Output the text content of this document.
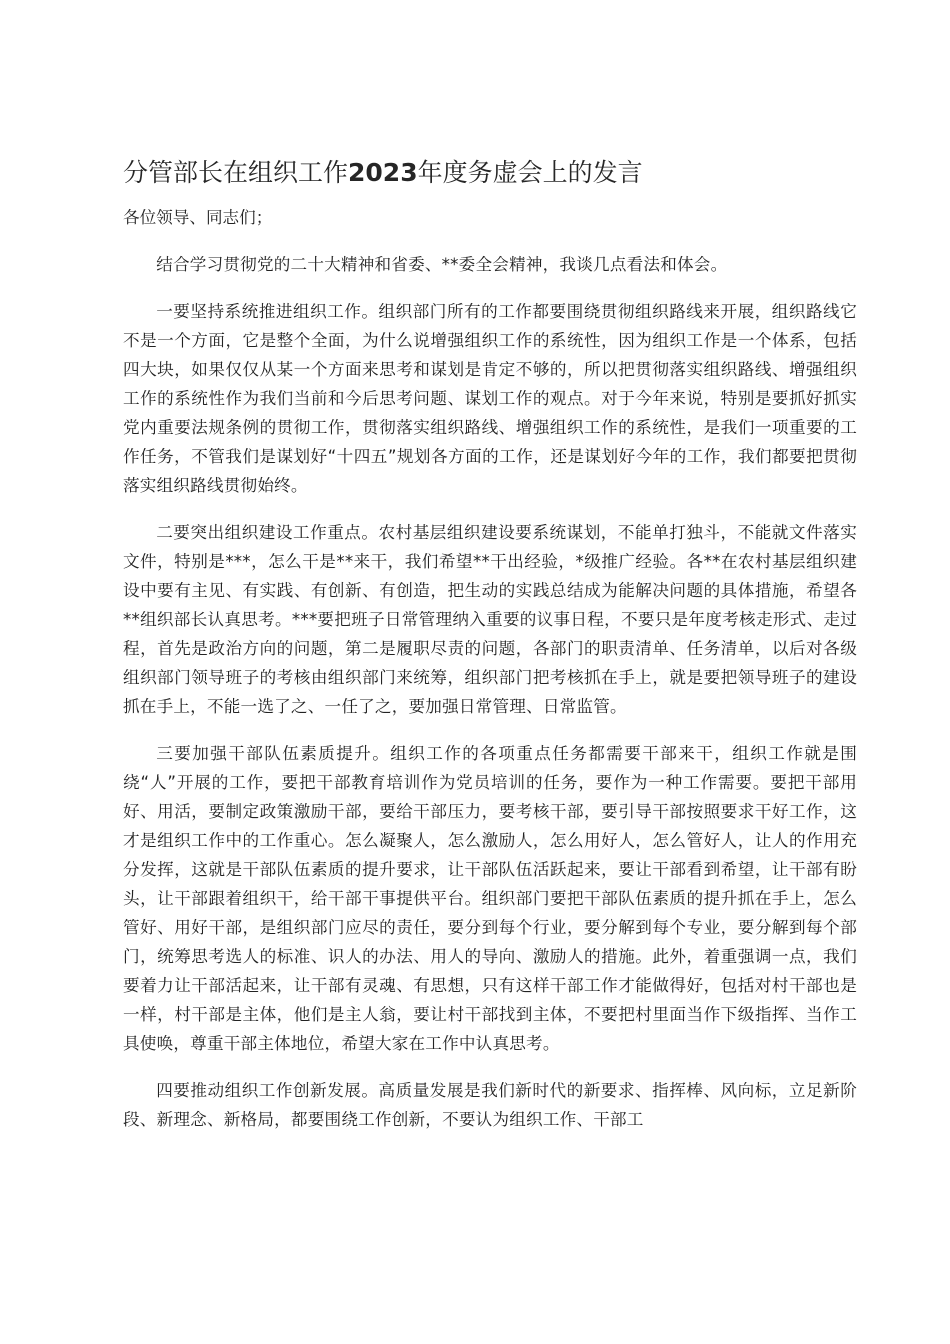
分管部长在组织工作2023年度务虚会上的发言
各位领导、同志们；

结合学习贯彻党的二十大精神和省委、**委全会精神，我谈几点看法和体会。

一要坚持系统推进组织工作。组织部门所有的工作都要围绕贯彻组织路线来开展，组织路线它不是一个方面，它是整个全面，为什么说增强组织工作的系统性，因为组织工作是一个体系，包括四大块，如果仅仅从某一个方面来思考和谋划是肯定不够的，所以把贯彻落实组织路线、增强组织工作的系统性作为我们当前和今后思考问题、谋划工作的观点。对于今年来说，特别是要抓好抓实党内重要法规条例的贯彻工作，贯彻落实组织路线、增强组织工作的系统性，是我们一项重要的工作任务，不管我们是谋划好“十四五”规划各方面的工作，还是谋划好今年的工作，我们都要把贯彻落实组织路线贯彻始终。

二要突出组织建设工作重点。农村基层组织建设要系统谋划，不能单打独斗，不能就文件落实文件，特别是***，怎么干是**来干，我们希望**干出经验，*级推广经验。各**在农村基层组织建设中要有主见、有实践、有创新、有创造，把生动的实践总结成为能解决问题的具体措施，希望各**组织部长认真思考。***要把班子日常管理纳入重要的议事日程，不要只是年度考核走形式、走过程，首先是政治方向的问题，第二是履职尽责的问题，各部门的职责清单、任务清单，以后对各级组织部门领导班子的考核由组织部门来统筹，组织部门把考核抓在手上，就是要把领导班子的建设抓在手上，不能一选了之、一任了之，要加强日常管理、日常监管。

三要加强干部队伍素质提升。组织工作的各项重点任务都需要干部来干，组织工作就是围绕“人”开展的工作，要把干部教育培训作为党员培训的任务，要作为一种工作需要。要把干部用好、用活，要制定政策激励干部，要给干部压力，要考核干部，要引导干部按照要求干好工作，这才是组织工作中的工作重心。怎么凝聚人，怎么激励人，怎么用好人，怎么管好人，让人的作用充分发挥，这就是干部队伍素质的提升要求，让干部队伍活跃起来，要让干部看到希望，让干部有盼头，让干部跟着组织干，给干部干事提供平台。组织部门要把干部队伍素质的提升抓在手上，怎么管好、用好干部，是组织部门应尽的责任，要分到每个行业，要分解到每个专业，要分解到每个部门，统筹思考选人的标准、识人的办法、用人的导向、激励人的措施。此外，着重强调一点，我们要着力让干部活起来，让干部有灵魂、有思想，只有这样干部工作才能做得好，包括对村干部也是一样，村干部是主体，他们是主人翁，要让村干部找到主体，不要把村里面当作下级指挥、当作工具使唤，尊重干部主体地位，希望大家在工作中认真思考。

四要推动组织工作创新发展。高质量发展是我们新时代的新要求、指挥棒、风向标，立足新阶段、新理念、新格局，都要围绕工作创新，不要认为组织工作、干部工
